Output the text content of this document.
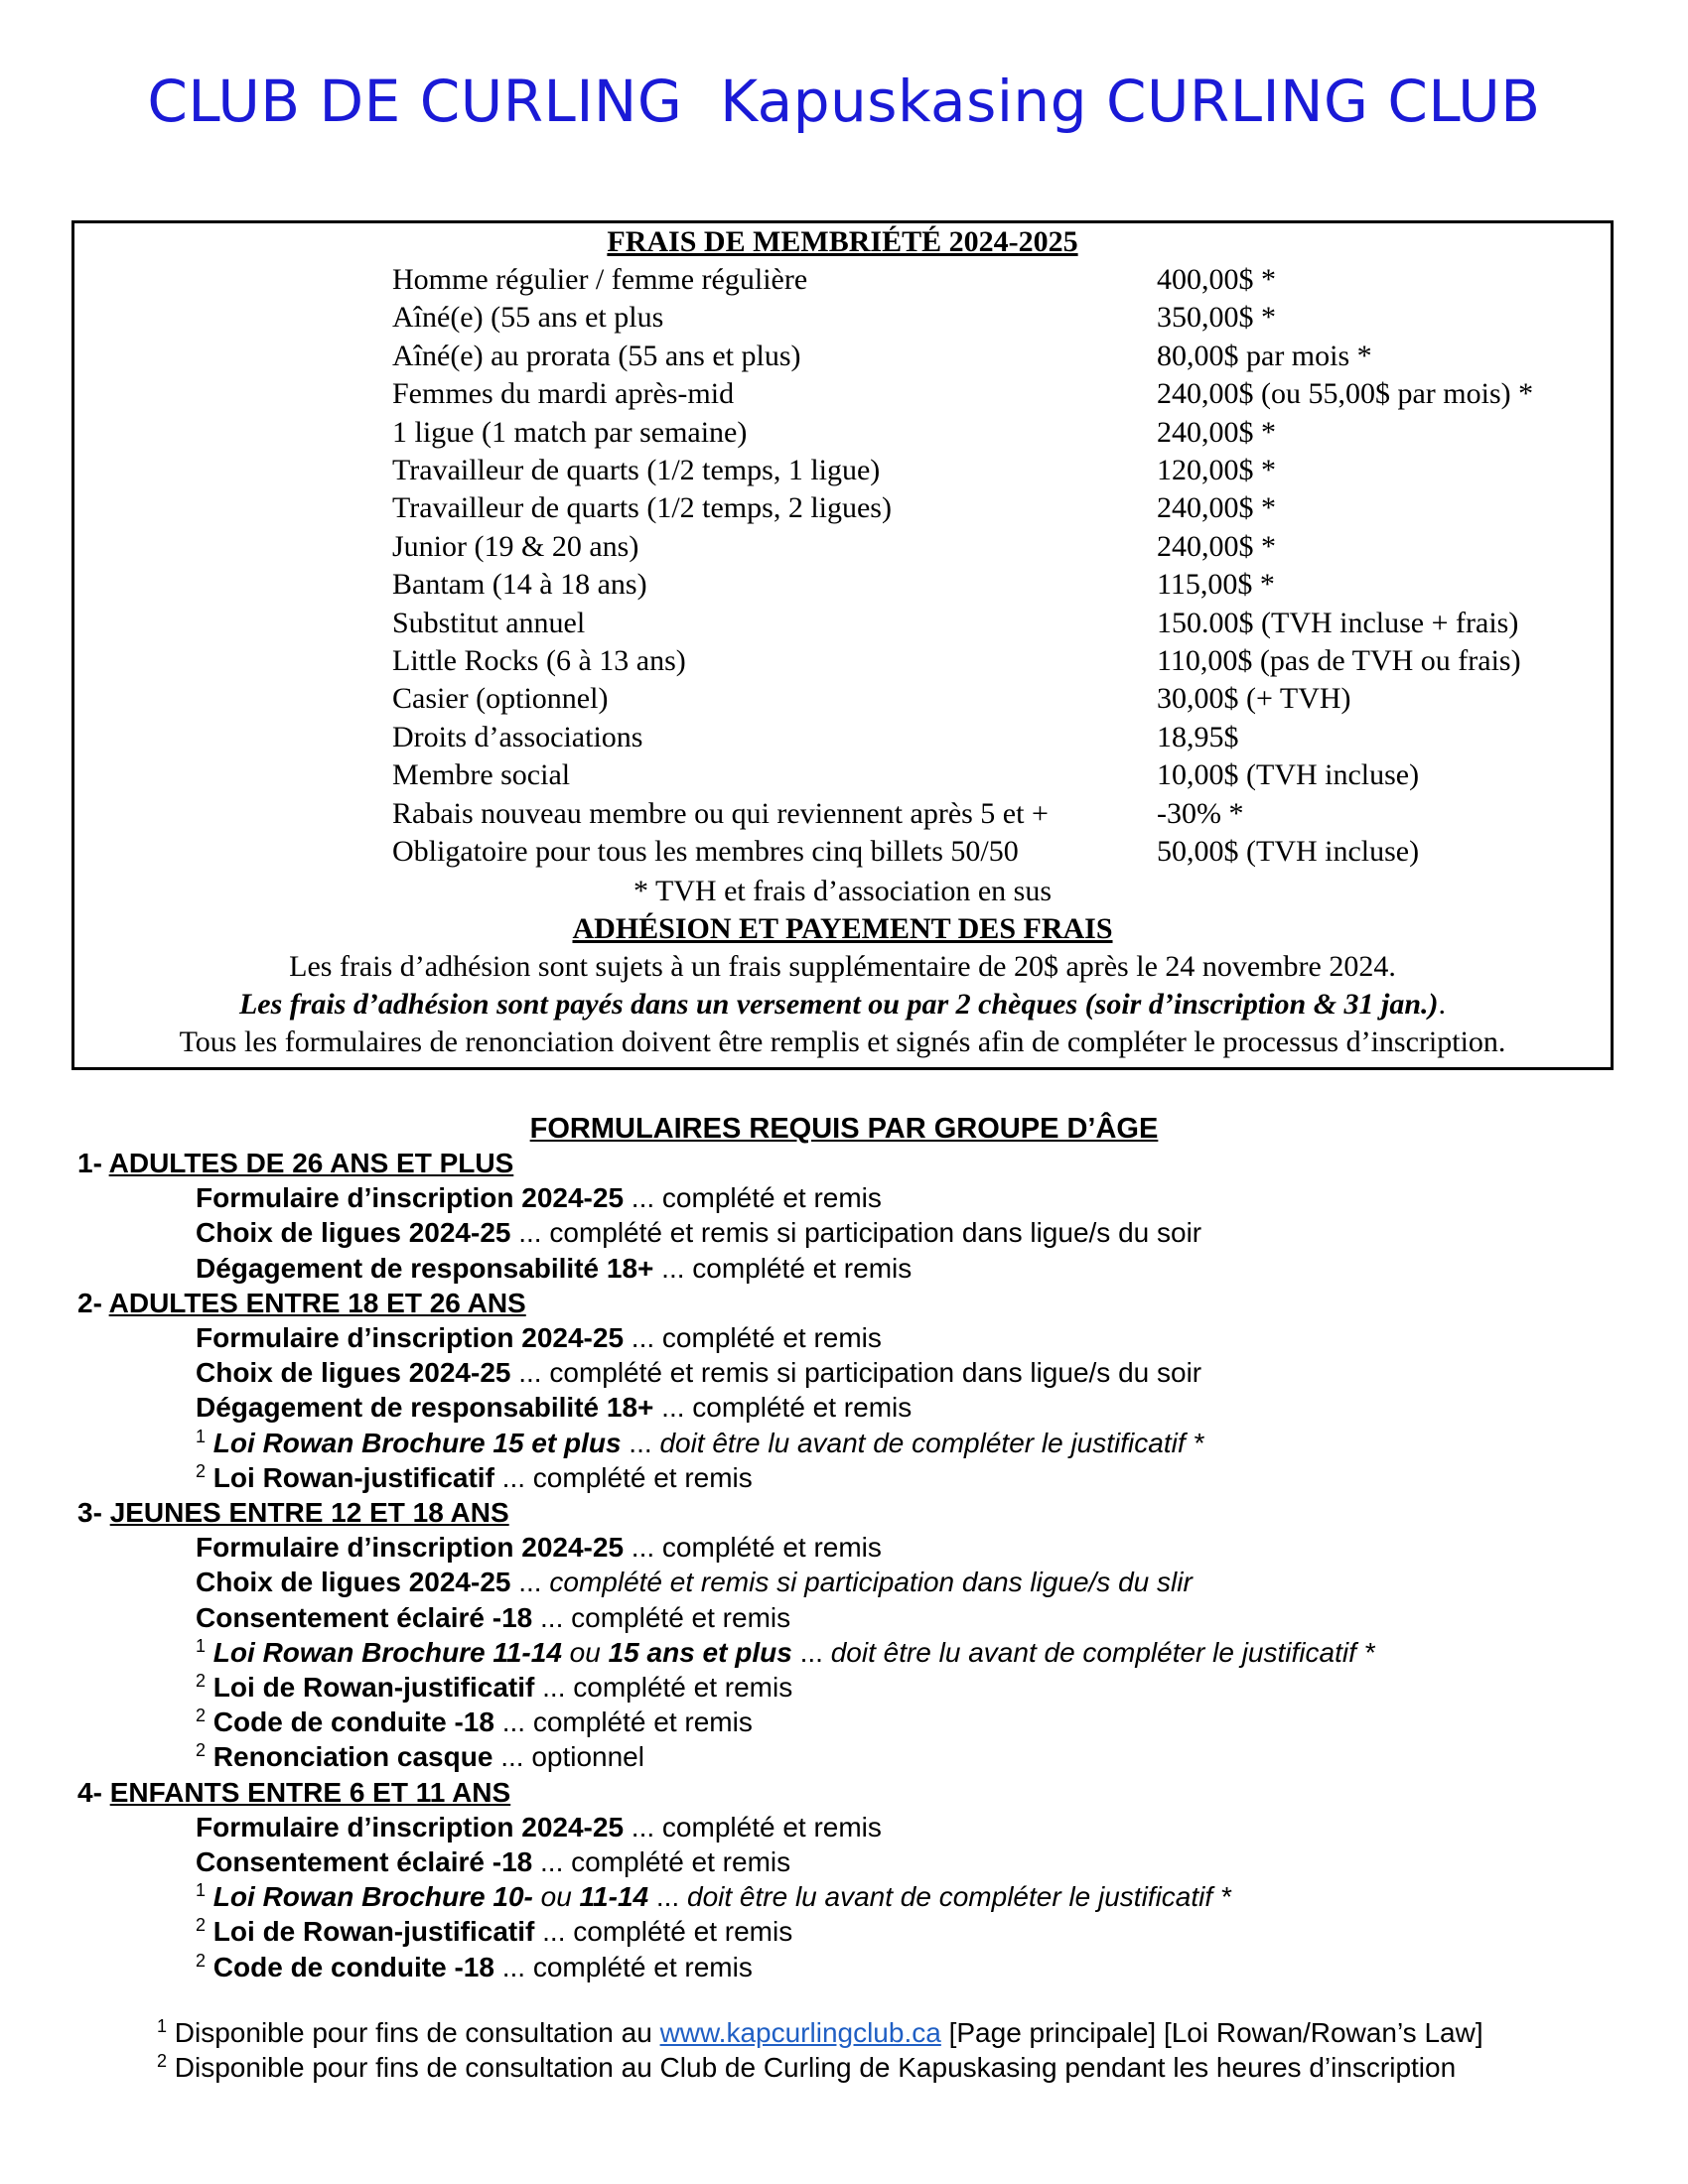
CLUB DE CURLING  Kapuskasing CURLING CLUB
FRAIS DE MEMBRIÉTÉ 2024-2025
Homme régulier / femme régulière	400,00$ *
Aîné(e) (55 ans et plus	350,00$ *
Aîné(e) au prorata (55 ans et plus)	80,00$ par mois *
Femmes du mardi après-mid	240,00$ (ou 55,00$ par mois) *
1 ligue (1 match par semaine)	240,00$ *
Travailleur de quarts (1/2 temps, 1 ligue)	120,00$ *
Travailleur de quarts (1/2 temps, 2 ligues)	240,00$ *
Junior (19 & 20 ans)	240,00$ *
Bantam (14 à 18 ans)	115,00$ *
Substitut annuel	150.00$ (TVH incluse + frais)
Little Rocks (6 à 13 ans)	110,00$ (pas de TVH ou frais)
Casier (optionnel)	30,00$ (+ TVH)
Droits d’associations	18,95$
Membre social	10,00$ (TVH incluse)
Rabais nouveau membre ou qui reviennent après 5 et +	-30% *
Obligatoire pour tous les membres cinq billets 50/50	50,00$ (TVH incluse)
* TVH et frais d’association en sus
ADHÉSION ET PAYEMENT DES FRAIS
Les frais d’adhésion sont sujets à un frais supplémentaire de 20$ après le 24 novembre 2024.
Les frais d’adhésion sont payés dans un versement ou par 2 chèques (soir d’inscription & 31 jan.).
Tous les formulaires de renonciation doivent être remplis et signés afin de compléter le processus d’inscription.
FORMULAIRES REQUIS PAR GROUPE D’ÂGE
1- ADULTES DE 26 ANS ET PLUS
Formulaire d’inscription 2024-25 ... complété et remis
Choix de ligues 2024-25 ... complété et remis si participation dans ligue/s du soir
Dégagement de responsabilité 18+ ... complété et remis
2- ADULTES ENTRE 18 ET 26 ANS
Formulaire d’inscription 2024-25 ... complété et remis
Choix de ligues 2024-25 ... complété et remis si participation dans ligue/s du soir
Dégagement de responsabilité 18+ ... complété et remis
$^1$ Loi Rowan Brochure 15 et plus ... doit être lu avant de compléter le justificatif *
$^2$ Loi Rowan-justificatif ... complété et remis
3- JEUNES ENTRE 12 ET 18 ANS
Formulaire d’inscription 2024-25 ... complété et remis
Choix de ligues 2024-25 ... complété et remis si participation dans ligue/s du slir
Consentement éclairé -18 ... complété et remis
$^1$ Loi Rowan Brochure 11-14 ou 15 ans et plus ... doit être lu avant de compléter le justificatif *
$^2$ Loi de Rowan-justificatif ... complété et remis
$^2$ Code de conduite -18 ... complété et remis
$^2$ Renonciation casque ... optionnel
4- ENFANTS ENTRE 6 ET 11 ANS
Formulaire d’inscription 2024-25 ... complété et remis
Consentement éclairé -18 ... complété et remis
$^1$ Loi Rowan Brochure 10- ou 11-14 ... doit être lu avant de compléter le justificatif *
$^2$ Loi de Rowan-justificatif ... complété et remis
$^2$ Code de conduite -18 ... complété et remis
$^1$ Disponible pour fins de consultation au www.kapcurlingclub.ca [Page principale] [Loi Rowan/Rowan’s Law]
$^2$ Disponible pour fins de consultation au Club de Curling de Kapuskasing pendant les heures d’inscription
